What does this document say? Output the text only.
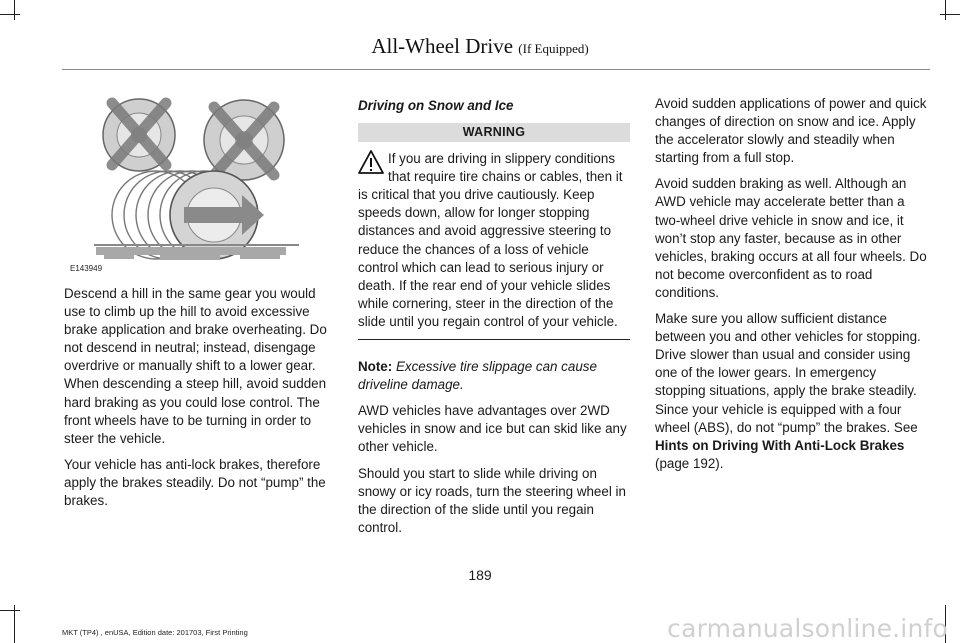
All-Wheel Drive (If Equipped)
E143949

Descend a hill in the same gear you would use to climb up the hill to avoid excessive brake application and brake overheating. Do not descend in neutral; instead, disengage overdrive or manually shift to a lower gear. When descending a steep hill, avoid sudden hard braking as you could lose control. The front wheels have to be turning in order to steer the vehicle.

Your vehicle has anti-lock brakes, therefore apply the brakes steadily. Do not “pump” the brakes.

Driving on Snow and Ice

WARNING

If you are driving in slippery conditions that require tire chains or cables, then it is critical that you drive cautiously. Keep speeds down, allow for longer stopping distances and avoid aggressive steering to reduce the chances of a loss of vehicle control which can lead to serious injury or death. If the rear end of your vehicle slides while cornering, steer in the direction of the slide until you regain control of your vehicle.

Note: Excessive tire slippage can cause driveline damage.

AWD vehicles have advantages over 2WD vehicles in snow and ice but can skid like any other vehicle.

Should you start to slide while driving on snowy or icy roads, turn the steering wheel in the direction of the slide until you regain control.

Avoid sudden applications of power and quick changes of direction on snow and ice. Apply the accelerator slowly and steadily when starting from a full stop.

Avoid sudden braking as well. Although an AWD vehicle may accelerate better than a two-wheel drive vehicle in snow and ice, it won’t stop any faster, because as in other vehicles, braking occurs at all four wheels. Do not become overconfident as to road conditions.

Make sure you allow sufficient distance between you and other vehicles for stopping. Drive slower than usual and consider using one of the lower gears. In emergency stopping situations, apply the brake steadily. Since your vehicle is equipped with a four wheel (ABS), do not “pump” the brakes. See Hints on Driving With Anti-Lock Brakes
(page 192).

189
MKT (TP4) , enUSA, Edition date: 201703, First Printing	carmanualsonline.info
